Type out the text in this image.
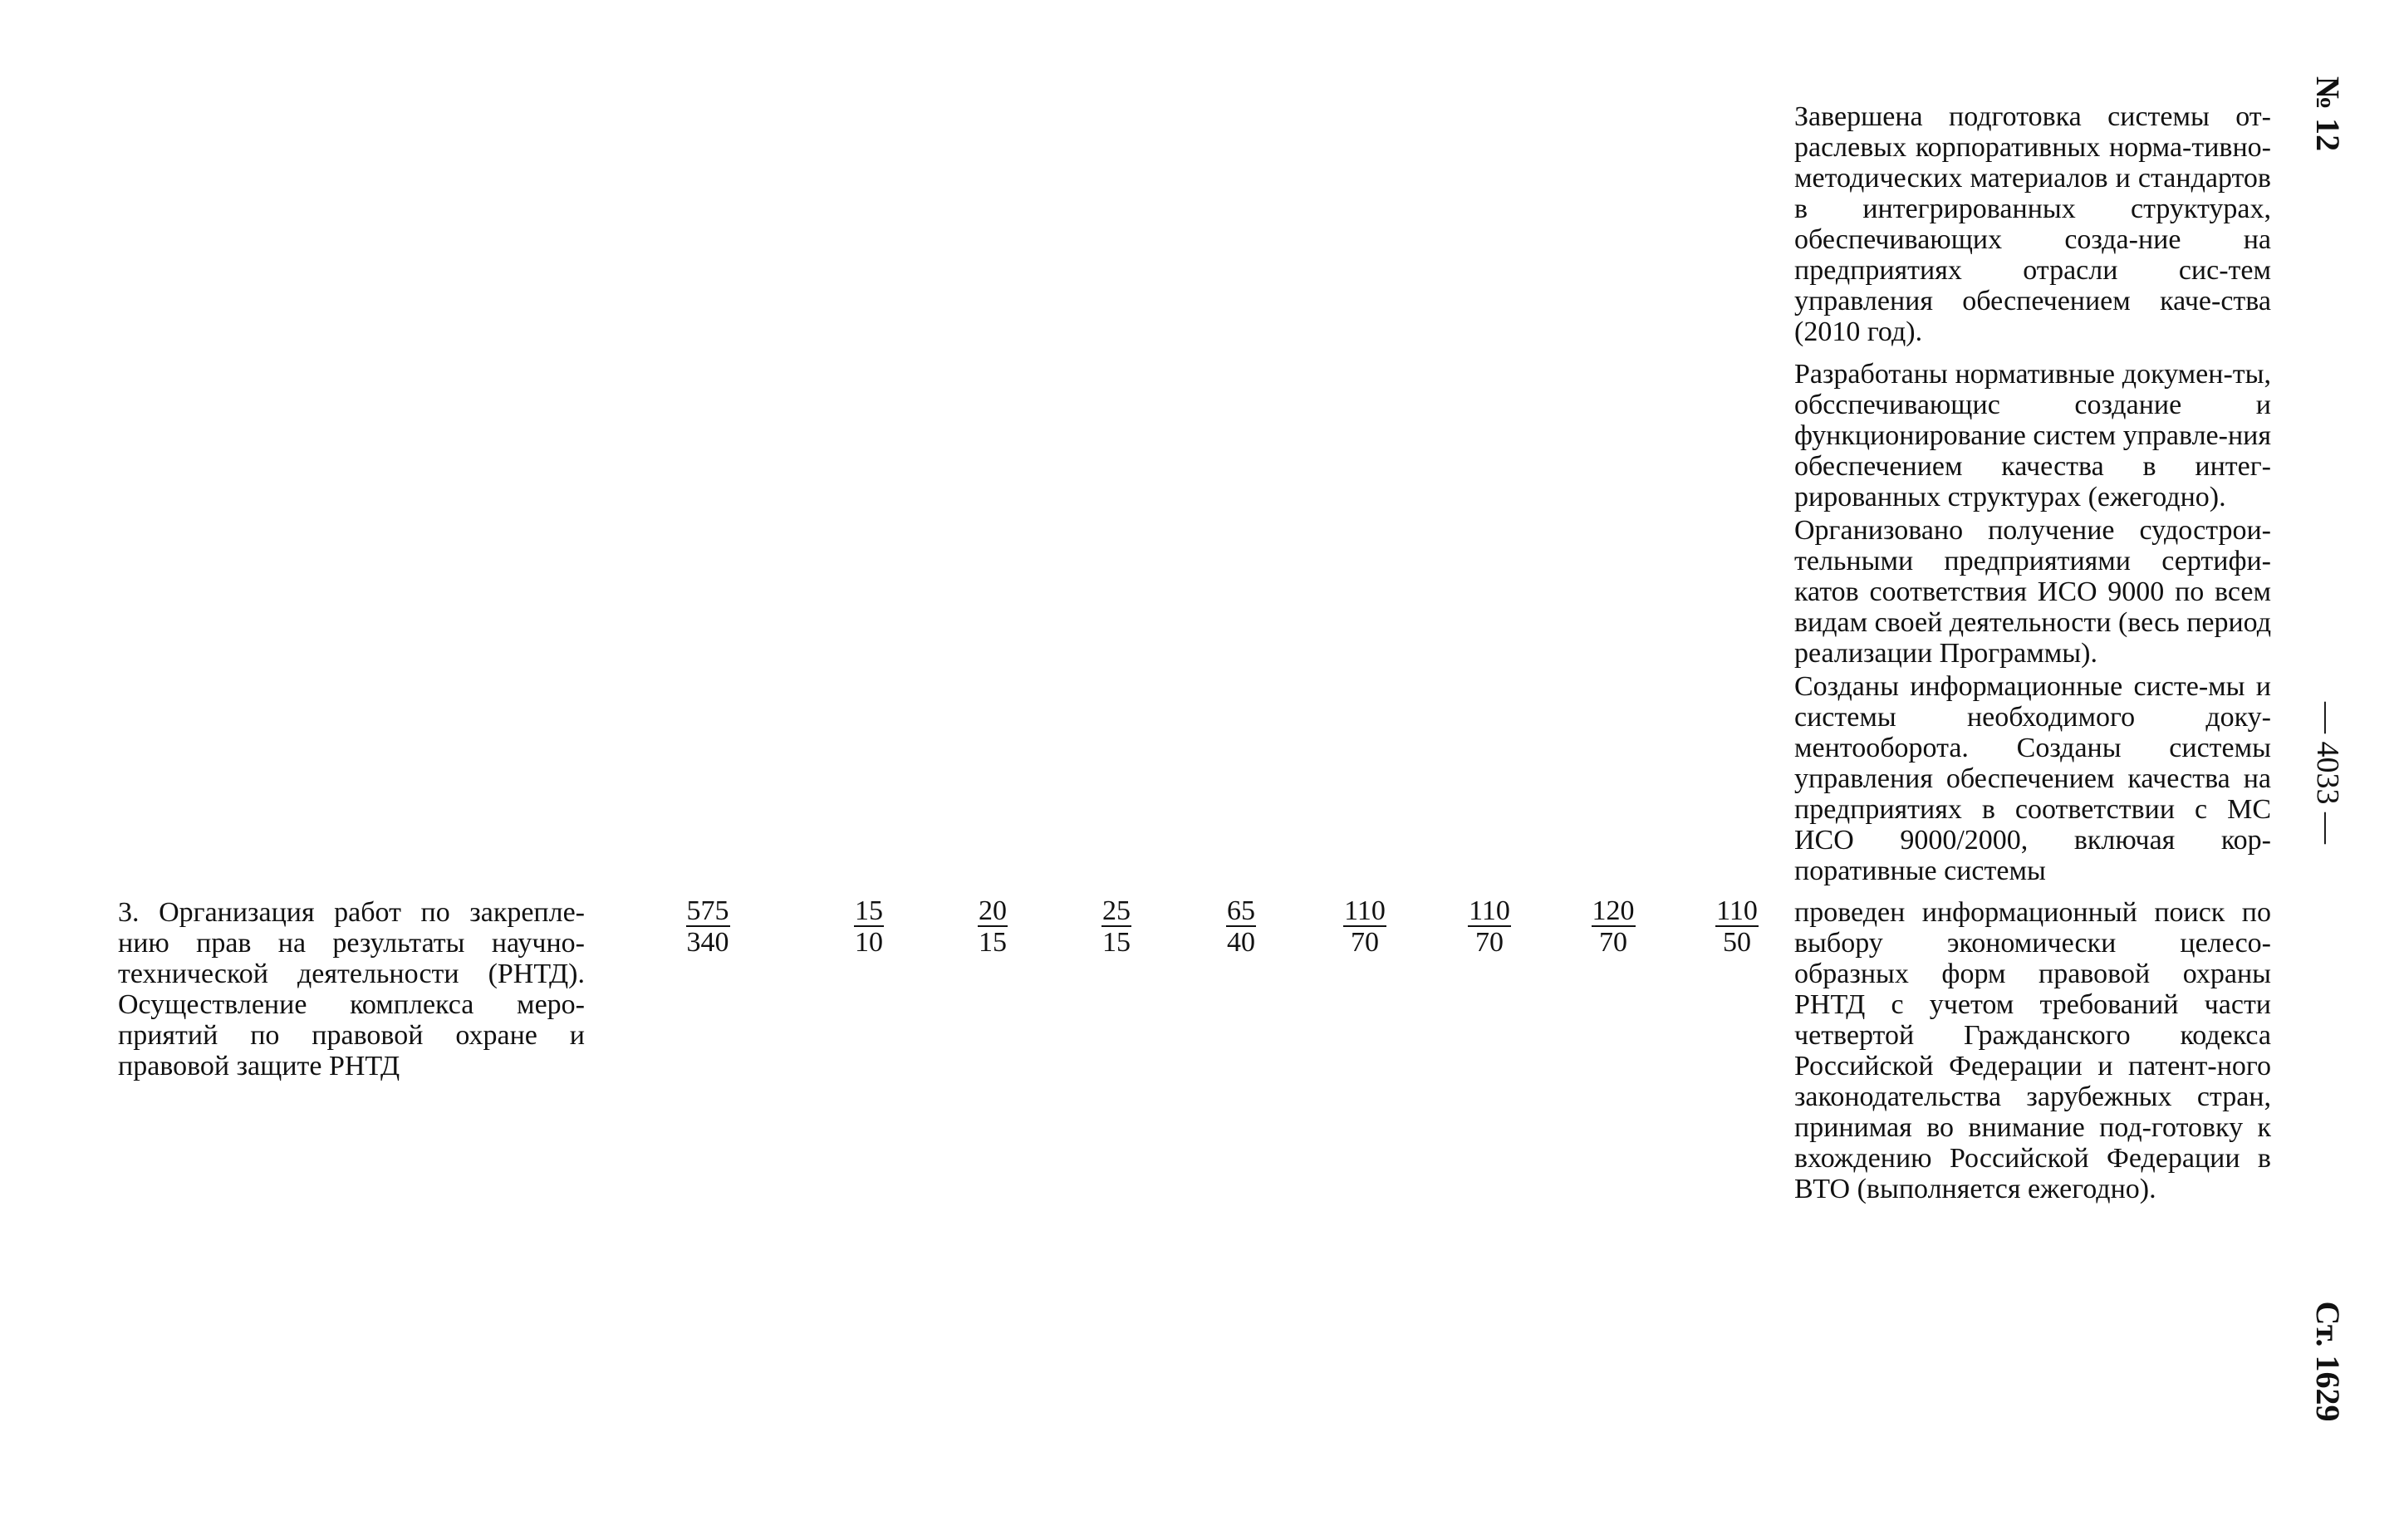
Завершена подготовка системы от-раслевых корпоративных норма-тивно-методических материалов и стандартов в интегрированных структурах, обеспечивающих созда-ние на предприятиях отрасли сис-тем управления обеспечением каче-ства (2010 год).

Разработаны нормативные докумен-ты, обсспечивающис создание и функционирование систем управле-ния обеспечением качества в интег-рированных структурах (ежегодно).

Организовано получение судострои-тельными предприятиями сертифи-катов соответствия ИСО 9000 по всем видам своей деятельности (весь период реализации Программы).

Созданы информационные систе-мы и системы необходимого доку-ментооборота. Созданы системы управления обеспечением качества на предприятиях в соответствии с МС ИСО 9000/2000, включая кор-поративные системы

проведен информационный поиск по выбору экономически целесо-образных форм правовой охраны РНТД с учетом требований части четвертой Гражданского кодекса Российской Федерации и патент-ного законодательства зарубежных стран, принимая во внимание под-готовку к вхождению Российской Федерации в ВТО (выполняется ежегодно).

3. Организация работ по закрепле-нию прав на результаты научно-технической деятельности (РНТД). Осуществление комплекса меро-приятий по правовой охране и правовой защите РНТД

$\frac{575}{340} \frac{15}{10} \frac{20}{15} \frac{25}{15} \frac{65}{40} \frac{110}{70} \frac{110}{70} \frac{120}{70} \frac{110}{50}$
№ 12
— 4033 —
Ст. 1629
